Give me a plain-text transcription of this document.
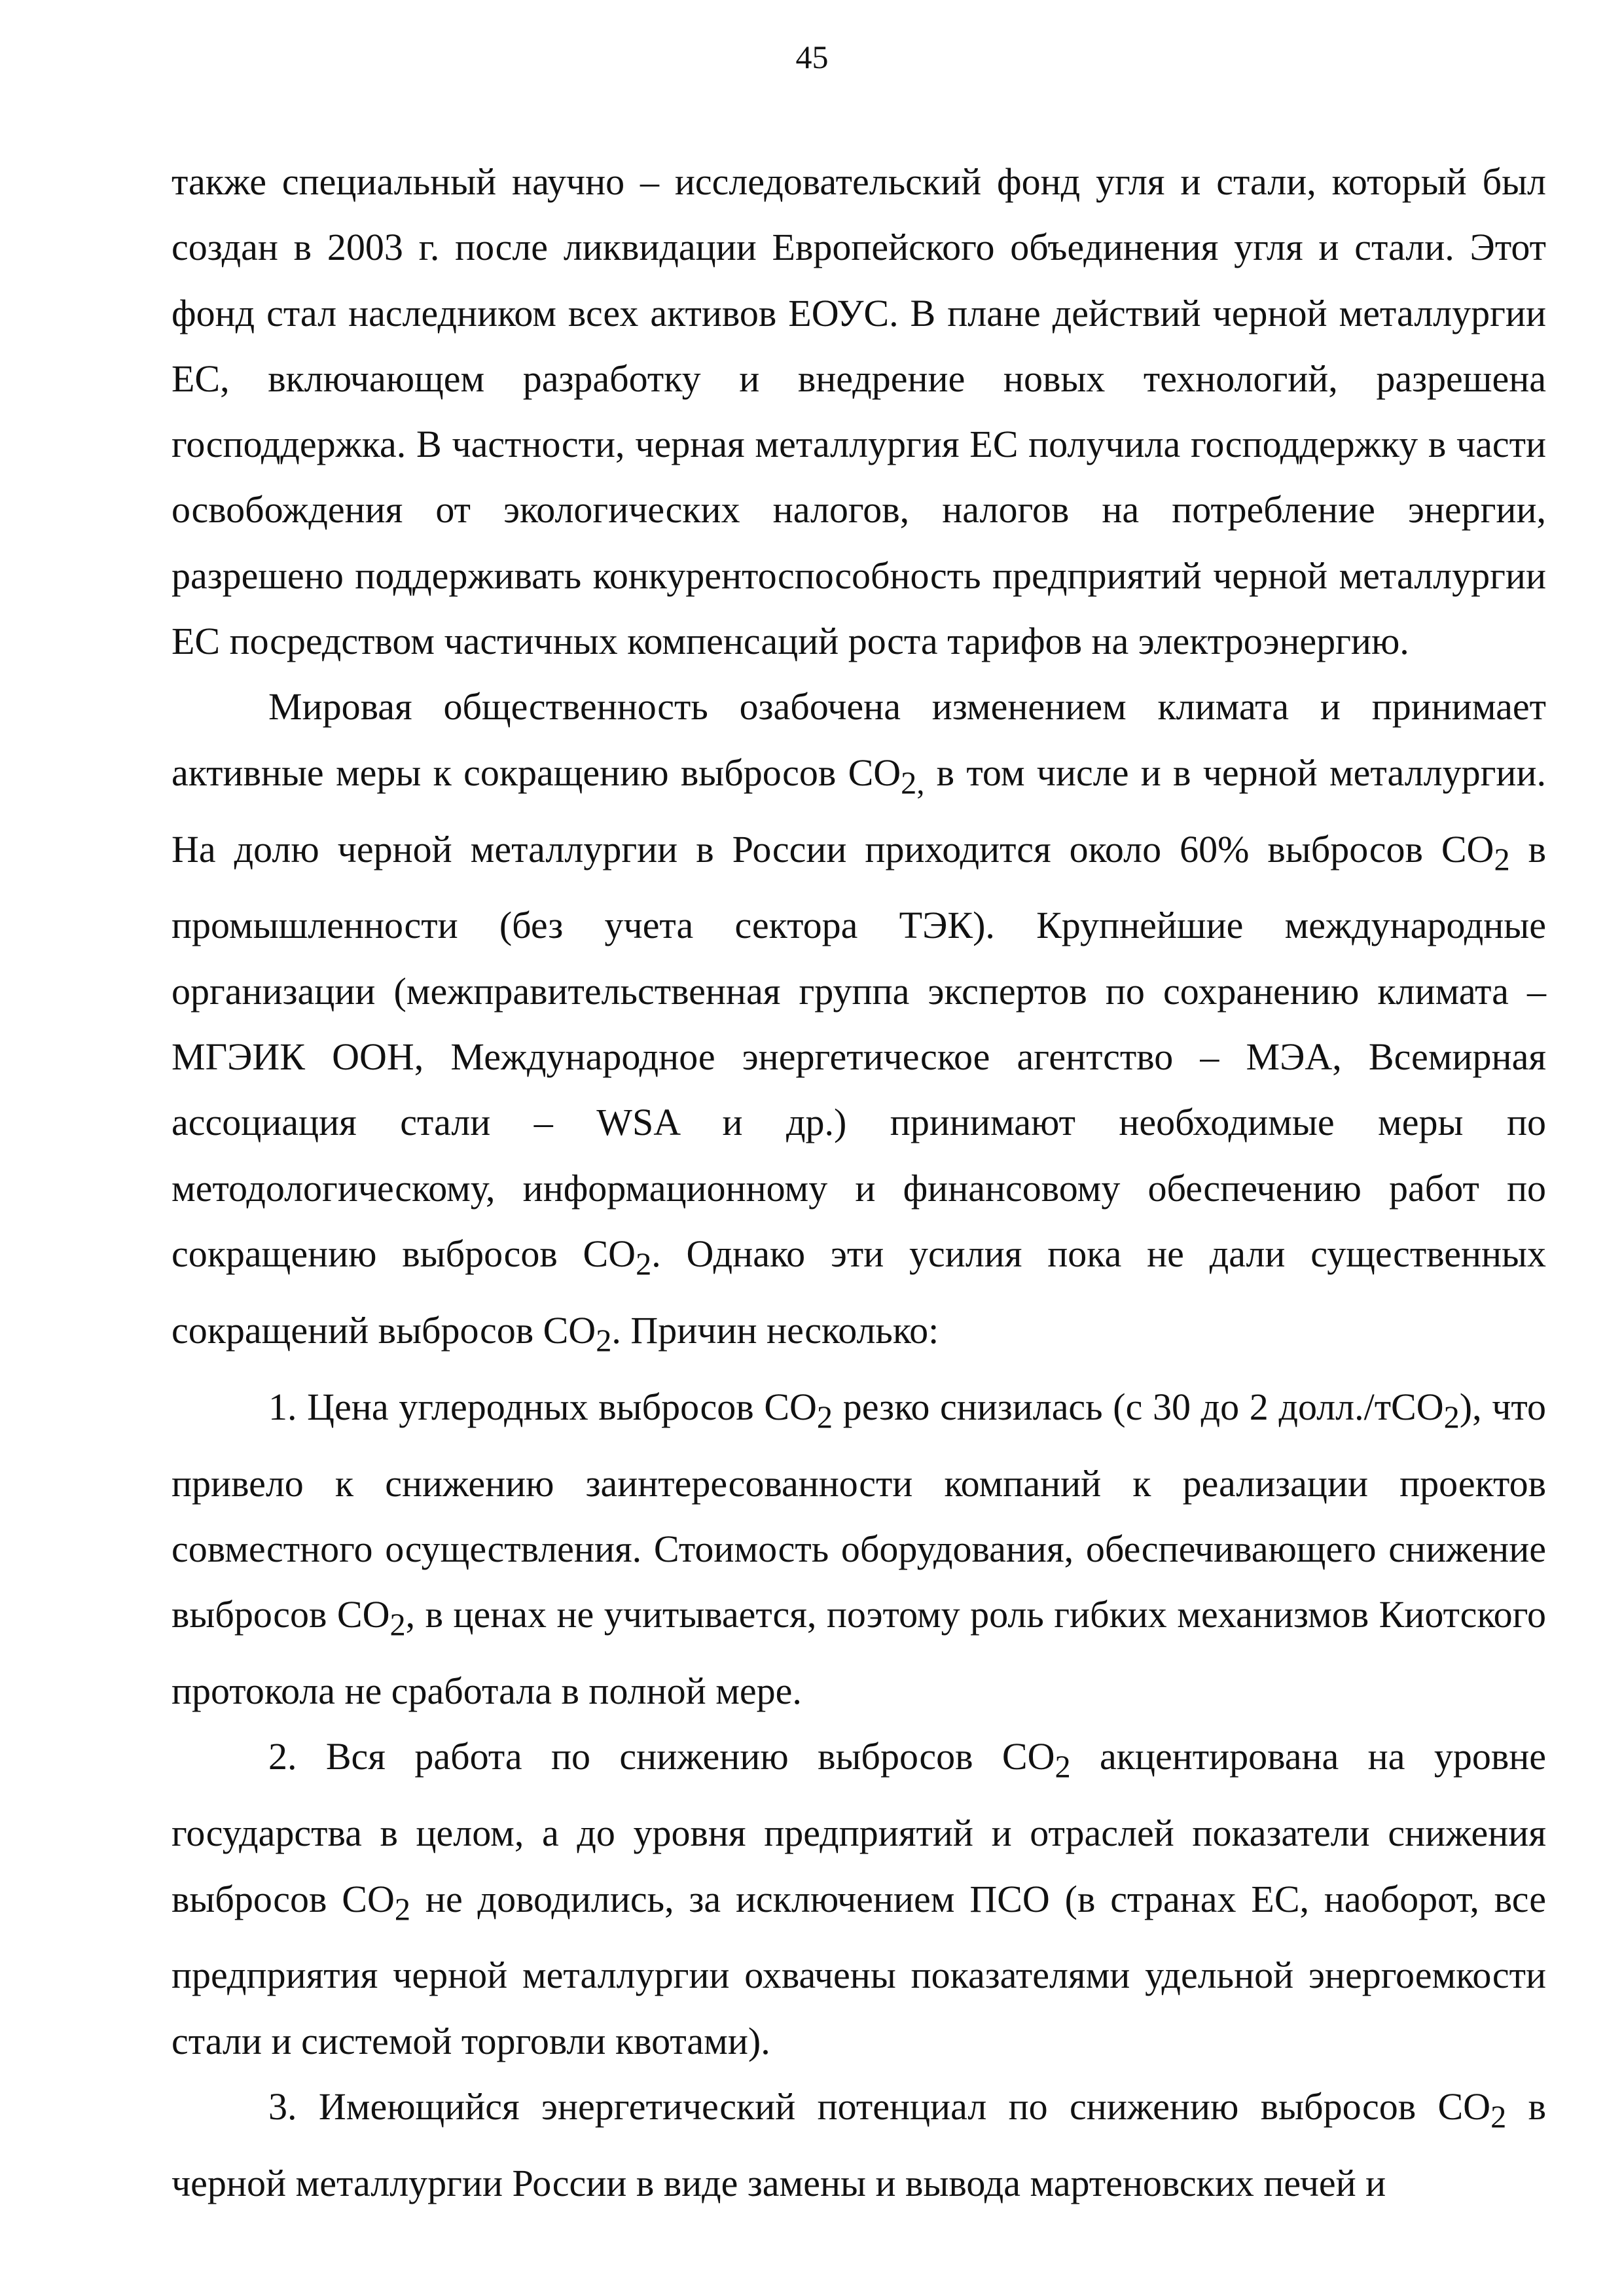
45

также специальный научно – исследовательский фонд угля и стали, который был создан в 2003 г. после ликвидации Европейского объединения угля и стали. Этот фонд стал наследником всех активов ЕОУС. В плане действий черной металлургии ЕС, включающем разработку и внедрение новых технологий, разрешена господдержка. В частности, черная металлургия ЕС получила господдержку в части освобождения от экологических налогов, налогов на потребление энергии, разрешено поддерживать конкурентоспособность предприятий черной металлургии ЕС посредством частичных компенсаций роста тарифов на электроэнергию.

Мировая общественность озабочена изменением климата и принимает активные меры к сокращению выбросов $CO_{2,}$ в том числе и в черной металлургии. На долю черной металлургии в России приходится около 60% выбросов $CO_2$ в промышленности (без учета сектора ТЭК). Крупнейшие международные организации (межправительственная группа экспертов по сохранению климата – МГЭИК ООН, Международное энергетическое агентство – МЭА, Всемирная ассоциация стали – WSA и др.) принимают необходимые меры по методологическому, информационному и финансовому обеспечению работ по сокращению выбросов $CO_2$. Однако эти усилия пока не дали существенных сокращений выбросов $CO_2$. Причин несколько:

1. Цена углеродных выбросов $CO_2$ резко снизилась (с 30 до 2 долл./тCO$_2$), что привело к снижению заинтересованности компаний к реализации проектов совместного осуществления. Стоимость оборудования, обеспечивающего снижение выбросов $CO_2$, в ценах не учитывается, поэтому роль гибких механизмов Киотского протокола не сработала в полной мере.

2. Вся работа по снижению выбросов $CO_2$ акцентирована на уровне государства в целом, а до уровня предприятий и отраслей показатели снижения выбросов $CO_2$ не доводились, за исключением ПСО (в странах ЕС, наоборот, все предприятия черной металлургии охвачены показателями удельной энергоемкости стали и системой торговли квотами).

3. Имеющийся энергетический потенциал по снижению выбросов $CO_2$ в черной металлургии России в виде замены и вывода мартеновских печей и
